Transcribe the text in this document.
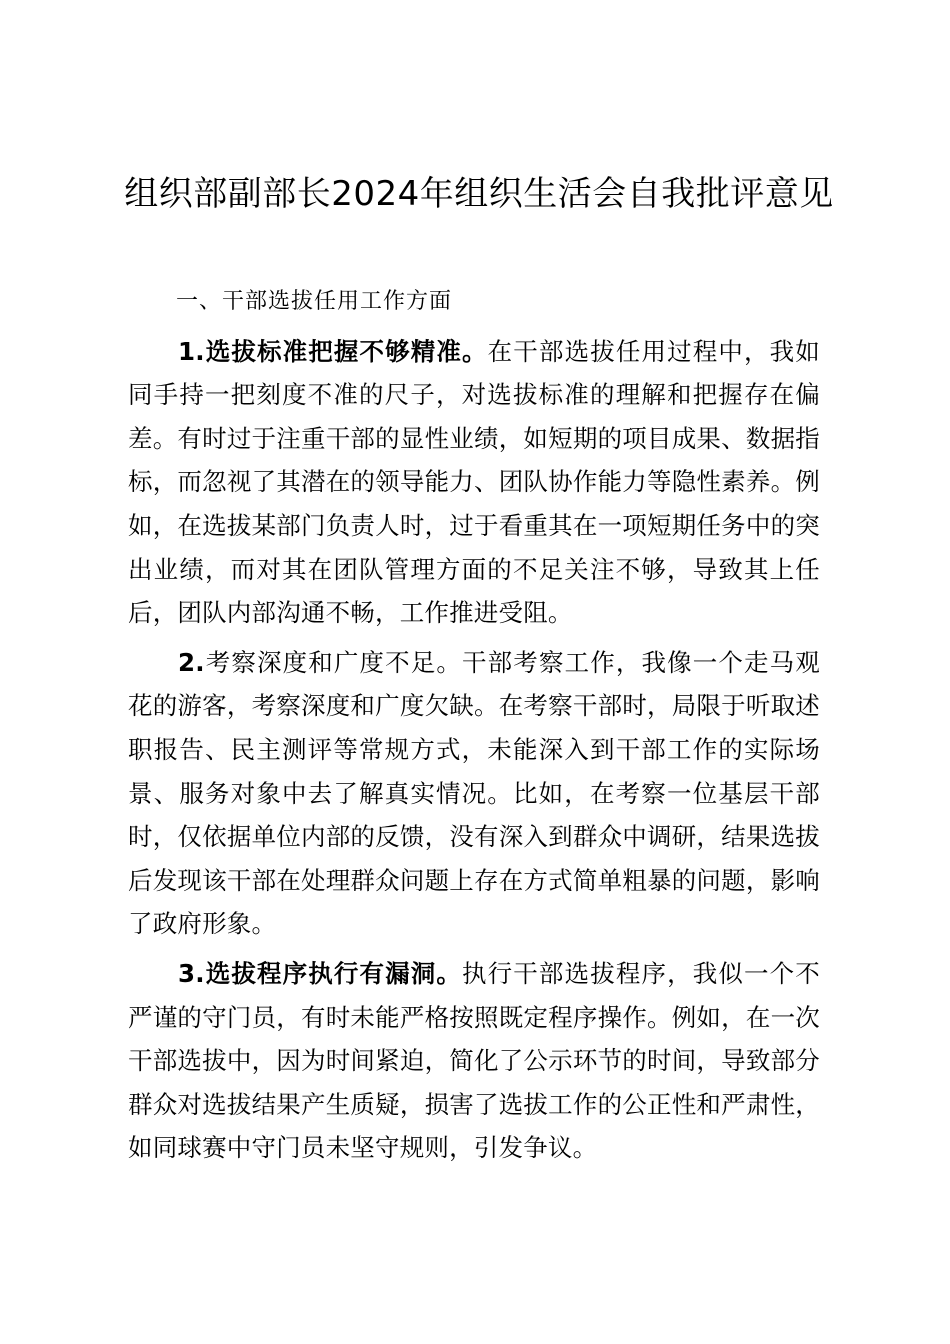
组织部副部长2024年组织生活会自我批评意见

一、干部选拔任用工作方面

1.选拔标准把握不够精准。在干部选拔任用过程中，我如同手持一把刻度不准的尺子，对选拔标准的理解和把握存在偏差。有时过于注重干部的显性业绩，如短期的项目成果、数据指标，而忽视了其潜在的领导能力、团队协作能力等隐性素养。例如，在选拔某部门负责人时，过于看重其在一项短期任务中的突出业绩，而对其在团队管理方面的不足关注不够，导致其上任后，团队内部沟通不畅，工作推进受阻。

2.考察深度和广度不足。干部考察工作，我像一个走马观花的游客，考察深度和广度欠缺。在考察干部时，局限于听取述职报告、民主测评等常规方式，未能深入到干部工作的实际场景、服务对象中去了解真实情况。比如，在考察一位基层干部时，仅依据单位内部的反馈，没有深入到群众中调研，结果选拔后发现该干部在处理群众问题上存在方式简单粗暴的问题，影响了政府形象。

3.选拔程序执行有漏洞。执行干部选拔程序，我似一个不严谨的守门员，有时未能严格按照既定程序操作。例如，在一次干部选拔中，因为时间紧迫，简化了公示环节的时间，导致部分群众对选拔结果产生质疑，损害了选拔工作的公正性和严肃性，如同球赛中守门员未坚守规则，引发争议。
